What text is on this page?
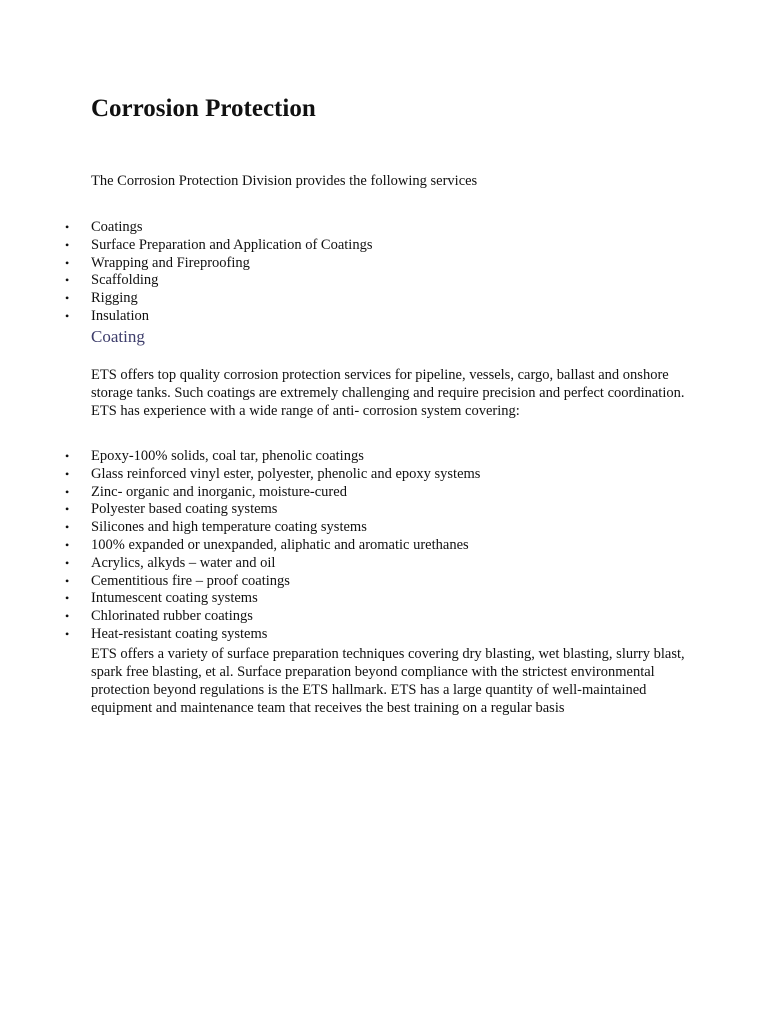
Corrosion Protection

The Corrosion Protection Division provides the following services

• Coatings
• Surface Preparation and Application of Coatings
• Wrapping and Fireproofing
• Scaffolding
• Rigging
• Insulation
Coating

ETS offers top quality corrosion protection services for pipeline, vessels, cargo, ballast and onshore storage tanks. Such coatings are extremely challenging and require precision and perfect coordination. ETS has experience with a wide range of anti- corrosion system covering:

• Epoxy-100% solids, coal tar, phenolic coatings
• Glass reinforced vinyl ester, polyester, phenolic and epoxy systems
• Zinc- organic and inorganic, moisture-cured
• Polyester based coating systems
• Silicones and high temperature coating systems
• 100% expanded or unexpanded, aliphatic and aromatic urethanes
• Acrylics, alkyds – water and oil
• Cementitious fire – proof coatings
• Intumescent coating systems
• Chlorinated rubber coatings
• Heat-resistant coating systems

ETS offers a variety of surface preparation techniques covering dry blasting, wet blasting, slurry blast, spark free blasting, et al. Surface preparation beyond compliance with the strictest environmental protection beyond regulations is the ETS hallmark. ETS has a large quantity of well-maintained equipment and maintenance team that receives the best training on a regular basis
